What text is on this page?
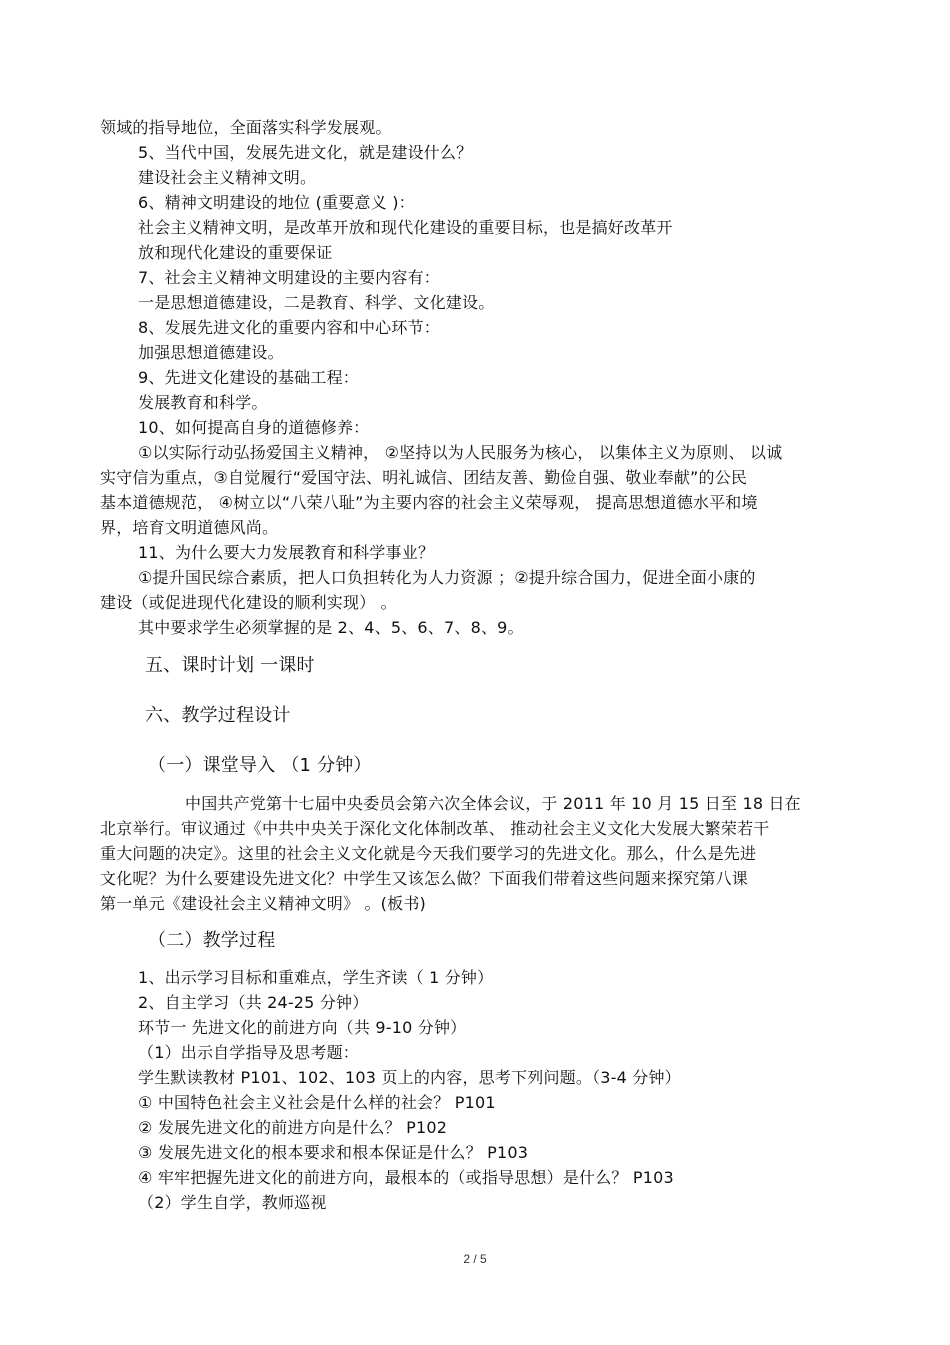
领域的指导地位，全面落实科学发展观。
5、当代中国，发展先进文化，就是建设什么？
建设社会主义精神文明。
6、精神文明建设的地位 (重要意义 )：
社会主义精神文明，是改革开放和现代化建设的重要目标，也是搞好改革开
放和现代化建设的重要保证
7、社会主义精神文明建设的主要内容有：
一是思想道德建设，二是教育、科学、文化建设。
8、发展先进文化的重要内容和中心环节：
加强思想道德建设。
9、先进文化建设的基础工程：
发展教育和科学。
10、如何提高自身的道德修养：
①以实际行动弘扬爱国主义精神， ②坚持以为人民服务为核心， 以集体主义为原则、 以诚
实守信为重点，③自觉履行“爱国守法、明礼诚信、团结友善、勤俭自强、敬业奉献”的公民
基本道德规范， ④树立以“八荣八耻”为主要内容的社会主义荣辱观， 提高思想道德水平和境
界，培育文明道德风尚。
11、为什么要大力发展教育和科学事业？
①提升国民综合素质，把人口负担转化为人力资源 ；②提升综合国力，促进全面小康的
建设（或促进现代化建设的顺利实现） 。
其中要求学生必须掌握的是 2、4、5、6、7、8、9。
五、课时计划 一课时
六、教学过程设计
（一）课堂导入 （1 分钟）
中国共产党第十七届中央委员会第六次全体会议，于 2011 年 10 月 15 日至 18 日在
北京举行。审议通过《中共中央关于深化文化体制改革、 推动社会主义文化大发展大繁荣若干
重大问题的决定》。这里的社会主义文化就是今天我们要学习的先进文化。那么，什么是先进
文化呢？为什么要建设先进文化？中学生又该怎么做？下面我们带着这些问题来探究第八课
第一单元《建设社会主义精神文明》 。(板书)
（二）教学过程
1、出示学习目标和重难点，学生齐读（ 1 分钟）
2、自主学习（共 24-25 分钟）
环节一 先进文化的前进方向（共 9-10 分钟）
（1）出示自学指导及思考题：
学生默读教材 P101、102、103 页上的内容，思考下列问题。（3-4 分钟）
① 中国特色社会主义社会是什么样的社会？ P101
② 发展先进文化的前进方向是什么？ P102
③ 发展先进文化的根本要求和根本保证是什么？ P103
④ 牢牢把握先进文化的前进方向，最根本的（或指导思想）是什么？ P103
（2）学生自学，教师巡视
2 / 5
